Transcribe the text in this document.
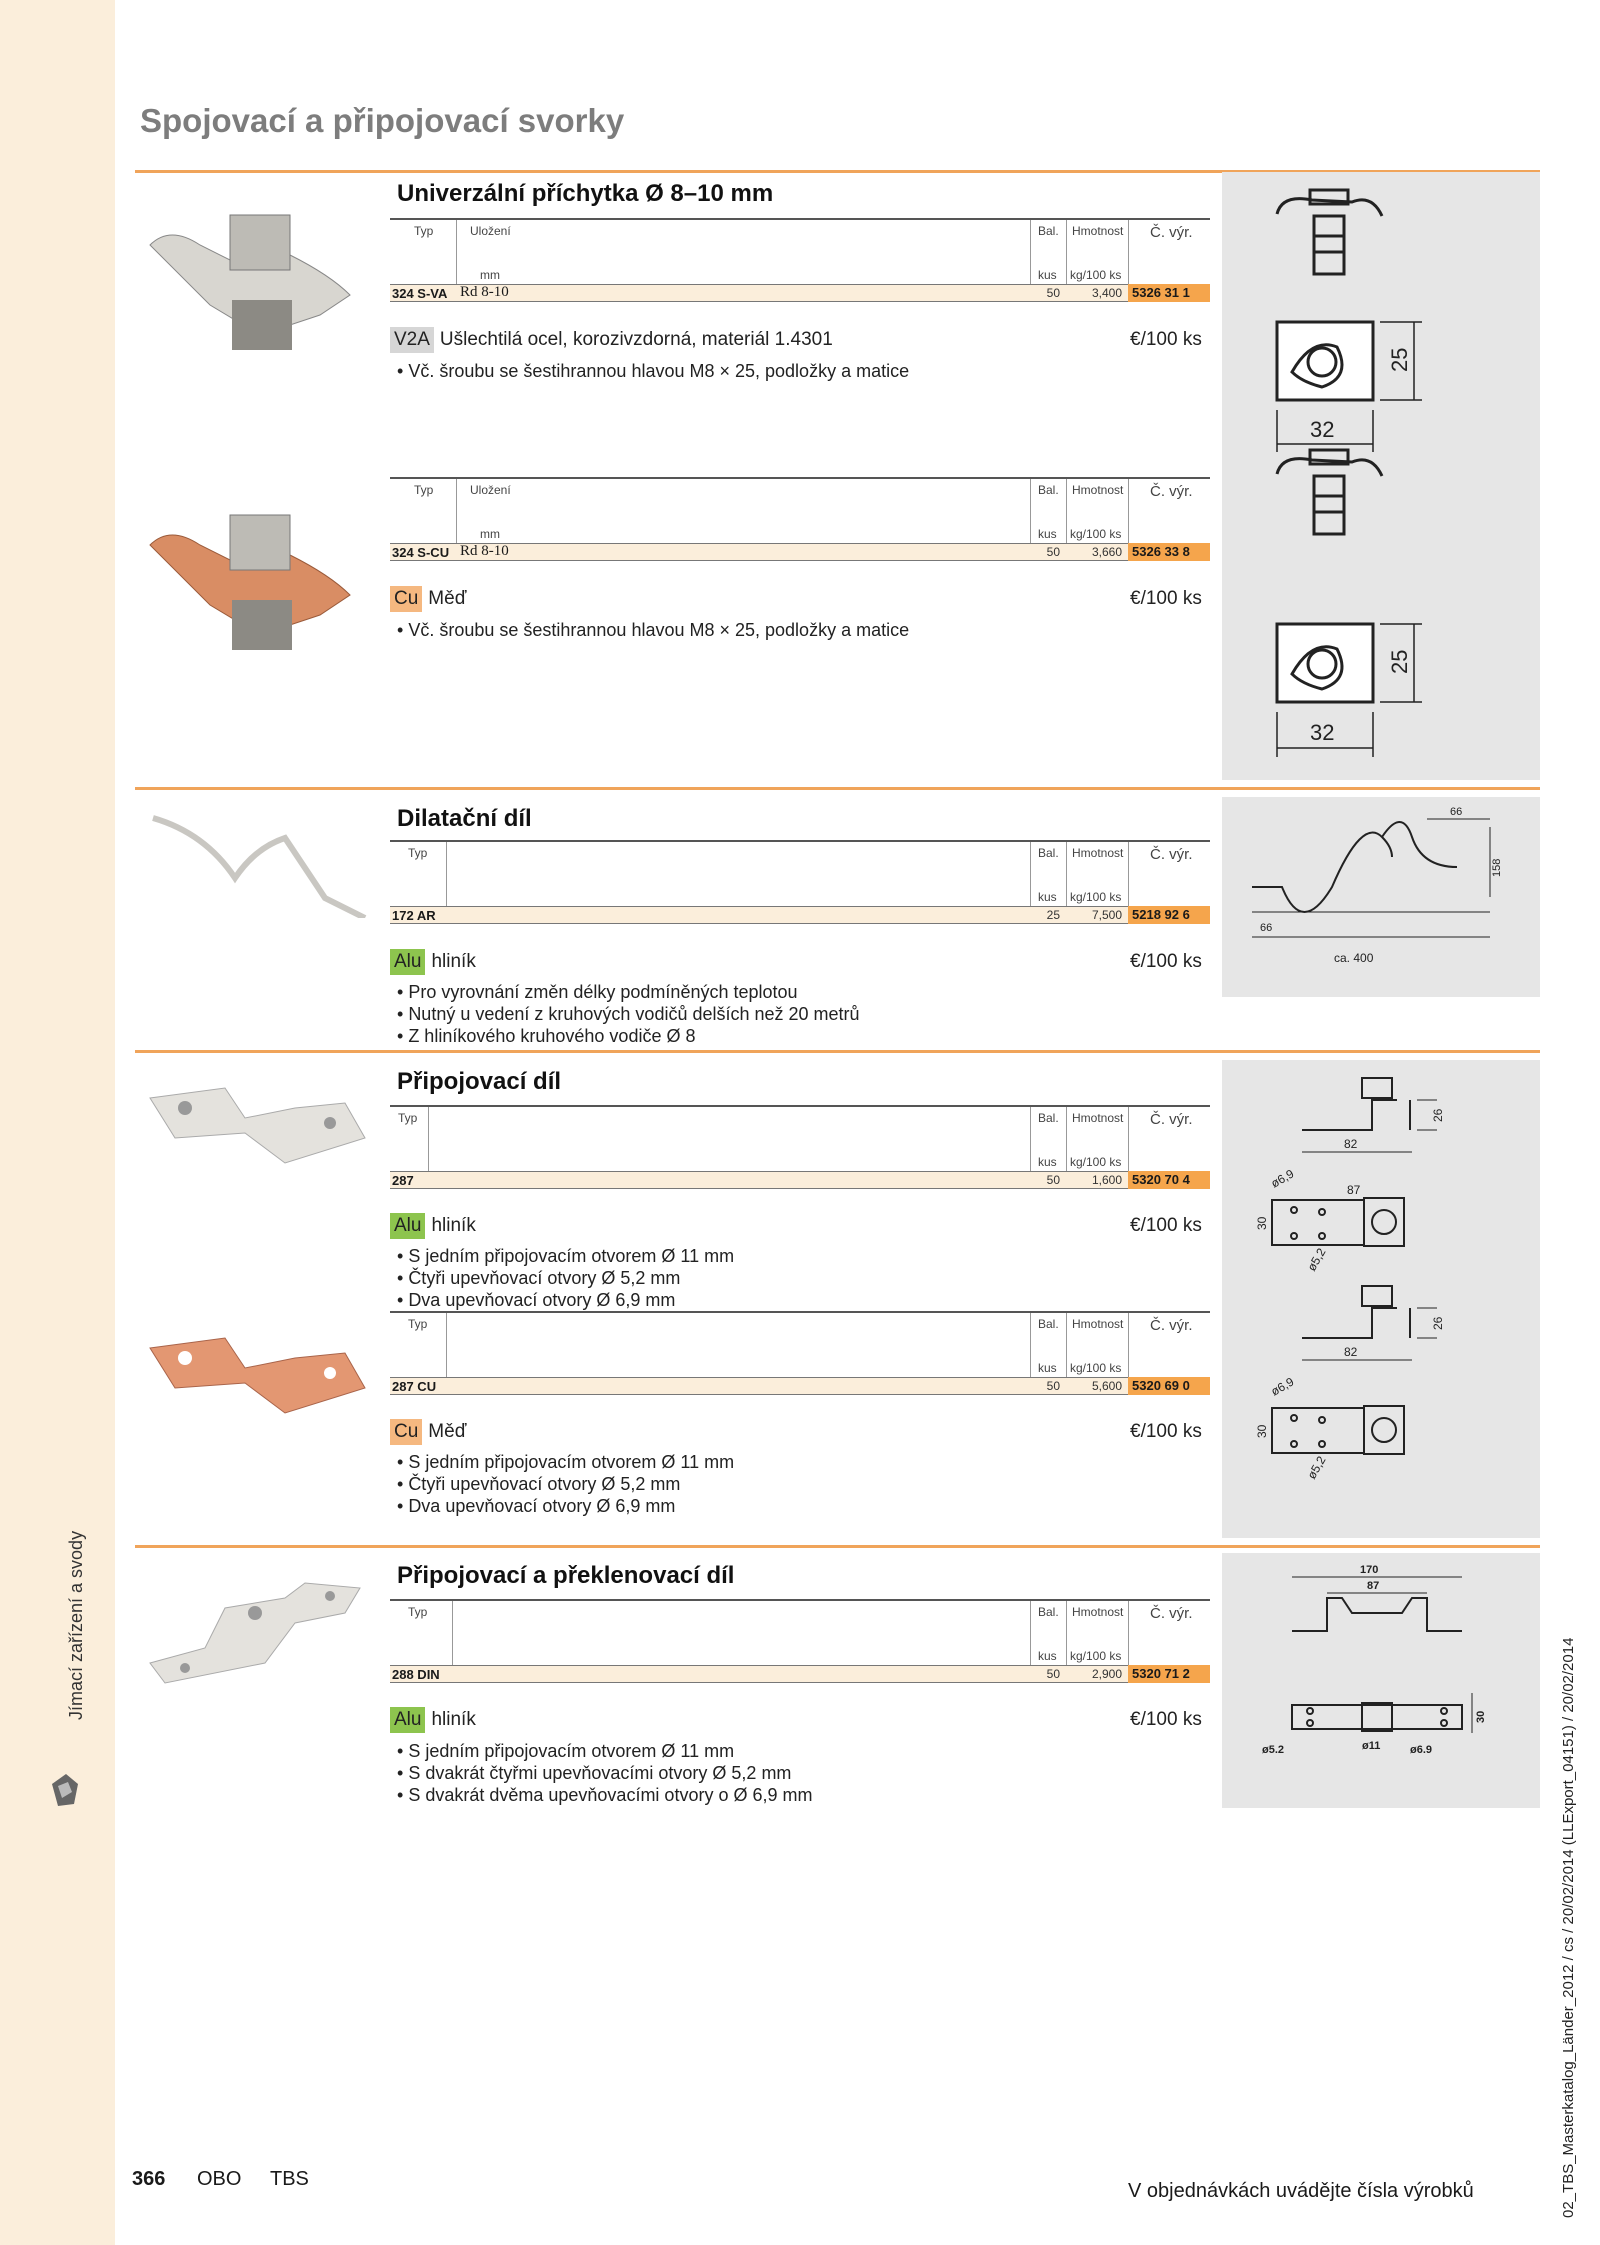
Jímací zařízení a svody
Spojovací a připojovací svorky
Univerzální příchytka Ø 8–10 mm
32
25
32
25
Typ	Uložení	Bal. Hmotnost Č. výr.
mm	kus kg/100 ks
324 S-VA Rd 8-10	50	3,400 5326 31 1
V2A Ušlechtilá ocel, korozivzdorná, materiál 1.4301	€/100 ks
• Vč. šroubu se šestihrannou hlavou M8 × 25, podložky a matice
Typ	Uložení	Bal. Hmotnost Č. výr.
mm	kus kg/100 ks
324 S-CU Rd 8-10	50	3,660 5326 33 8
Cu Měď	€/100 ks
• Vč. šroubu se šestihrannou hlavou M8 × 25, podložky a matice
Dilatační díl	66
158
66
ca. 400
Typ	Bal. Hmotnost Č. výr.
kus kg/100 ks
172 AR	25	7,500 5218 92 6
Alu hliník	€/100 ks
• Pro vyrovnání změn délky podmíněných teplotou
• Nutný u vedení z kruhových vodičů delších než 20 metrů
• Z hliníkového kruhového vodiče Ø 8
Připojovací díl
26
82
ø6,9	87
30
ø5,2
26
82
ø6,9
30
ø5,2
Typ	Bal. Hmotnost Č. výr.
kus kg/100 ks
287	50	1,600 5320 70 4
Alu hliník	€/100 ks
• S jedním připojovacím otvorem Ø 11 mm
• Čtyři upevňovací otvory Ø 5,2 mm
• Dva upevňovací otvory Ø 6,9 mm
Typ	Bal. Hmotnost Č. výr.
kus kg/100 ks
287 CU	50	5,600 5320 69 0
Cu Měď	€/100 ks
• S jedním připojovacím otvorem Ø 11 mm
• Čtyři upevňovací otvory Ø 5,2 mm
• Dva upevňovací otvory Ø 6,9 mm
Připojovací a překlenovací díl	170
87
30
ø5.2	ø11	ø6.9
Typ	Bal. Hmotnost Č. výr.
kus kg/100 ks
288 DIN	50	2,900 5320 71 2
Alu hliník	€/100 ks
• S jedním připojovacím otvorem Ø 11 mm
• S dvakrát čtyřmi upevňovacími otvory Ø 5,2 mm
• S dvakrát dvěma upevňovacími otvory o Ø 6,9 mm	02_TBS_Masterkatalog_Länder_2012 / cs / 20/02/2014 (LLExport_04151) / 20/02/2014
366 OBO TBS
V objednávkách uvádějte čísla výrobků
